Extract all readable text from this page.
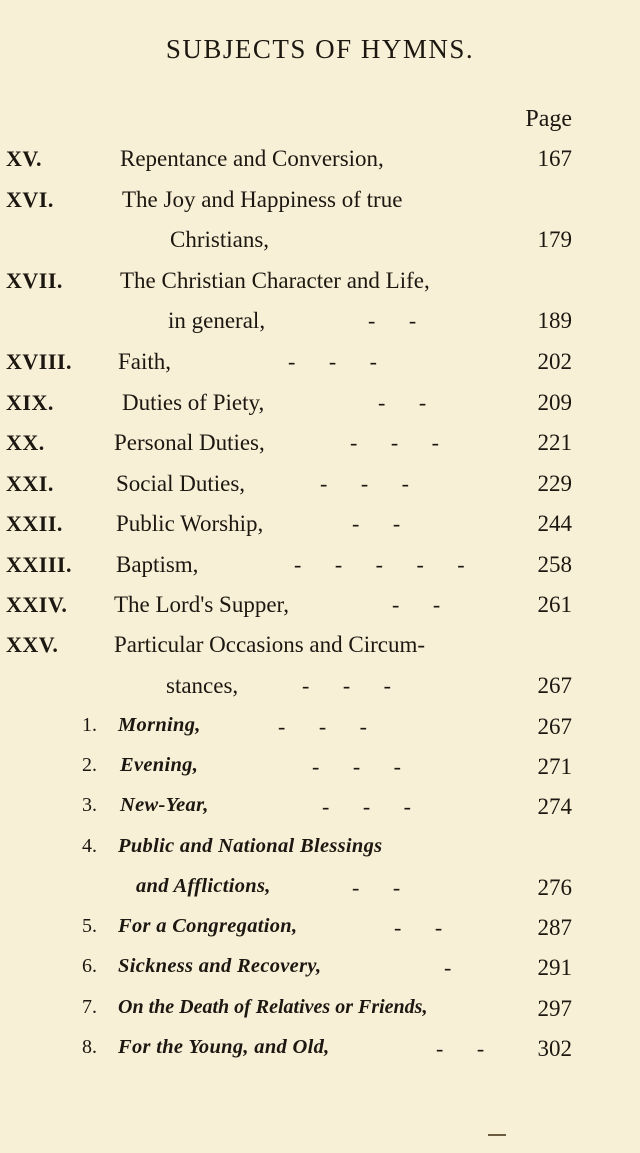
SUBJECTS OF HYMNS.
Page
XV.	Repentance and Conversion,	167
XVI.	The Joy and Happiness of true
Christians,	179
XVII. The Christian Character and Life,
in general,	- -	189
XVIII. Faith,	- - -	202
XIX.	Duties of Piety,	- -	209
XX.	Personal Duties,	- - -	221
XXI.	Social Duties,	- - -	229
XXII. Public Worship,	- -	244
XXIII. Baptism,	- - - - -	258
XXIV. The Lord's Supper,	- -	261
XXV. Particular Occasions and Circum-
stances,	- - -	267
1. Morning,	- - -	267
2. Evening,	- - -	271
3. New-Year,	- - -	274
4. Public and National Blessings
and Afflictions,	- -	276
5. For a Congregation,	- -	287
6. Sickness and Recovery,	-	291
7. On the Death of Relatives or Friends,	297
8. For the Young, and Old,	- - 302
